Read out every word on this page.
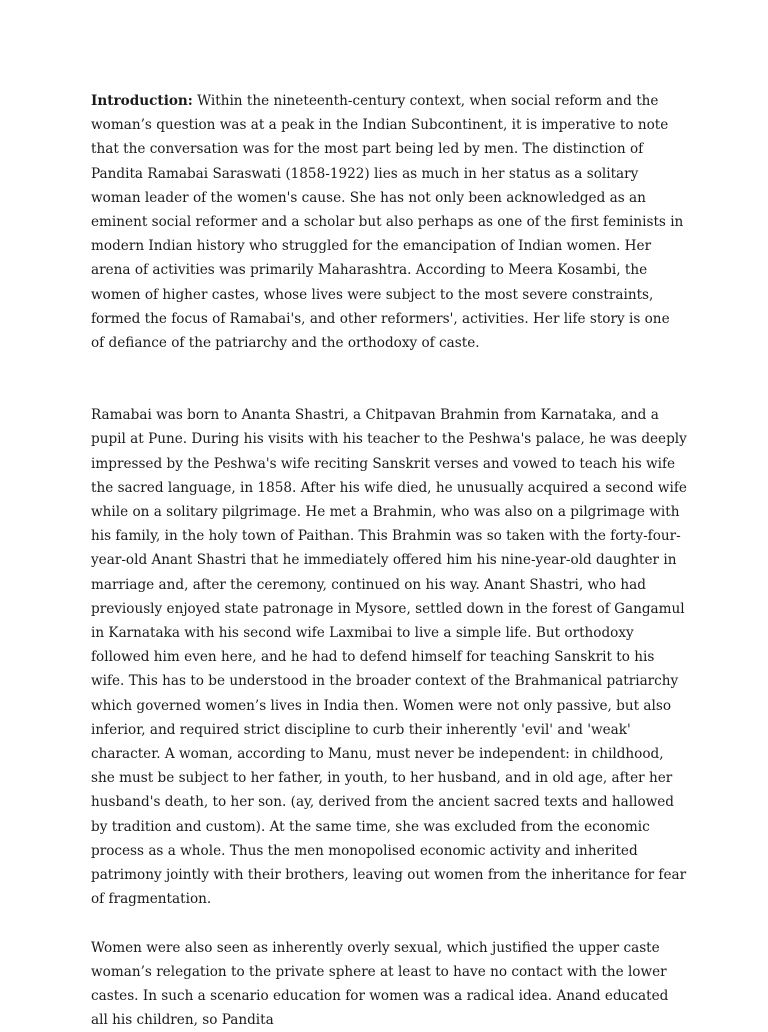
Introduction: Within the nineteenth-century context, when social reform and the woman’s question was at a peak in the Indian Subcontinent, it is imperative to note that the conversation was for the most part being led by men. The distinction of Pandita Ramabai Saraswati (1858-1922) lies as much in her status as a solitary woman leader of the women's cause. She has not only been acknowledged as an eminent social reformer and a scholar but also perhaps as one of the first feminists in modern Indian history who struggled for the emancipation of Indian women. Her arena of activities was primarily Maharashtra. According to Meera Kosambi, the women of higher castes, whose lives were subject to the most severe constraints, formed the focus of Ramabai's, and other reformers', activities. Her life story is one of defiance of the patriarchy and the orthodoxy of caste.

Ramabai was born to Ananta Shastri, a Chitpavan Brahmin from Karnataka, and a pupil at Pune. During his visits with his teacher to the Peshwa's palace, he was deeply impressed by the Peshwa's wife reciting Sanskrit verses and vowed to teach his wife the sacred language, in 1858. After his wife died, he unusually acquired a second wife while on a solitary pilgrimage. He met a Brahmin, who was also on a pilgrimage with his family, in the holy town of Paithan. This Brahmin was so taken with the forty-four-year-old Anant Shastri that he immediately offered him his nine-year-old daughter in marriage and, after the ceremony, continued on his way. Anant Shastri, who had previously enjoyed state patronage in Mysore, settled down in the forest of Gangamul in Karnataka with his second wife Laxmibai to live a simple life. But orthodoxy followed him even here, and he had to defend himself for teaching Sanskrit to his wife. This has to be understood in the broader context of the Brahmanical patriarchy which governed women’s lives in India then. Women were not only passive, but also inferior, and required strict discipline to curb their inherently 'evil' and 'weak' character. A woman, according to Manu, must never be independent: in childhood, she must be subject to her father, in youth, to her husband, and in old age, after her husband's death, to her son. (ay, derived from the ancient sacred texts and hallowed by tradition and custom). At the same time, she was excluded from the economic process as a whole. Thus the men monopolised economic activity and inherited patrimony jointly with their brothers, leaving out women from the inheritance for fear of fragmentation.

Women were also seen as inherently overly sexual, which justified the upper caste woman’s relegation to the private sphere at least to have no contact with the lower castes. In such a scenario education for women was a radical idea. Anand educated all his children, so Pandita
